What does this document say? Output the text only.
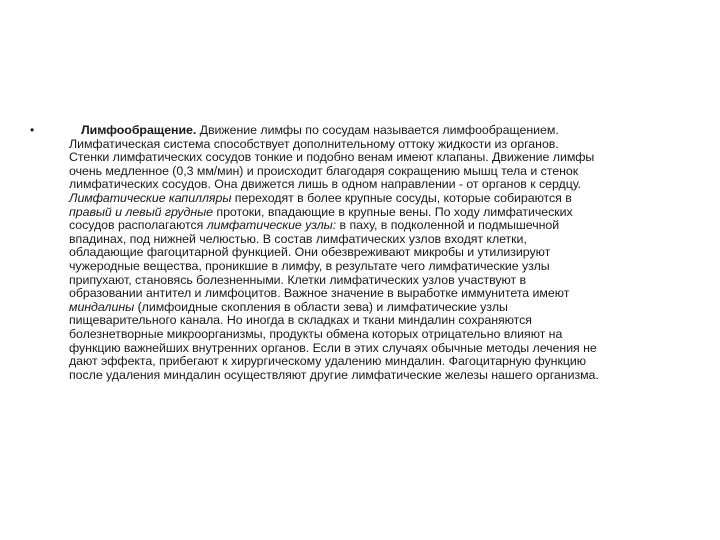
•	Лимфообращение. Движение лимфы по сосудам называется лимфообращением.
Лимфатическая система способствует дополнительному оттоку жидкости из органов.
Стенки лимфатических сосудов тонкие и подобно венам имеют клапаны. Движение лимфы
очень медленное (0,3 мм/мин) и происходит благодаря сокращению мышц тела и стенок
лимфатических сосудов. Она движется лишь в одном направлении - от органов к сердцу.
Лимфатические капилляры переходят в более крупные сосуды, которые собираются в
правый и левый грудные протоки, впадающие в крупные вены. По ходу лимфатических
сосудов располагаются лимфатические узлы: в паху, в подколенной и подмышечной
впадинах, под нижней челюстью. В состав лимфатических узлов входят клетки,
обладающие фагоцитарной функцией. Они обезвреживают микробы и утилизируют
чужеродные вещества, проникшие в лимфу, в результате чего лимфатические узлы
припухают, становясь болезненными. Клетки лимфатических узлов участвуют в
образовании антител и лимфоцитов. Важное значение в выработке иммунитета имеют
миндалины (лимфоидные скопления в области зева) и лимфатические узлы
пищеварительного канала. Но иногда в складках и ткани миндалин сохраняются
болезнетворные микроорганизмы, продукты обмена которых отрицательно влияют на
функцию важнейших внутренних органов. Если в этих случаях обычные методы лечения не
дают эффекта, прибегают к хирургическому удалению миндалин. Фагоцитарную функцию
после удаления миндалин осуществляют другие лимфатические железы нашего организма.
